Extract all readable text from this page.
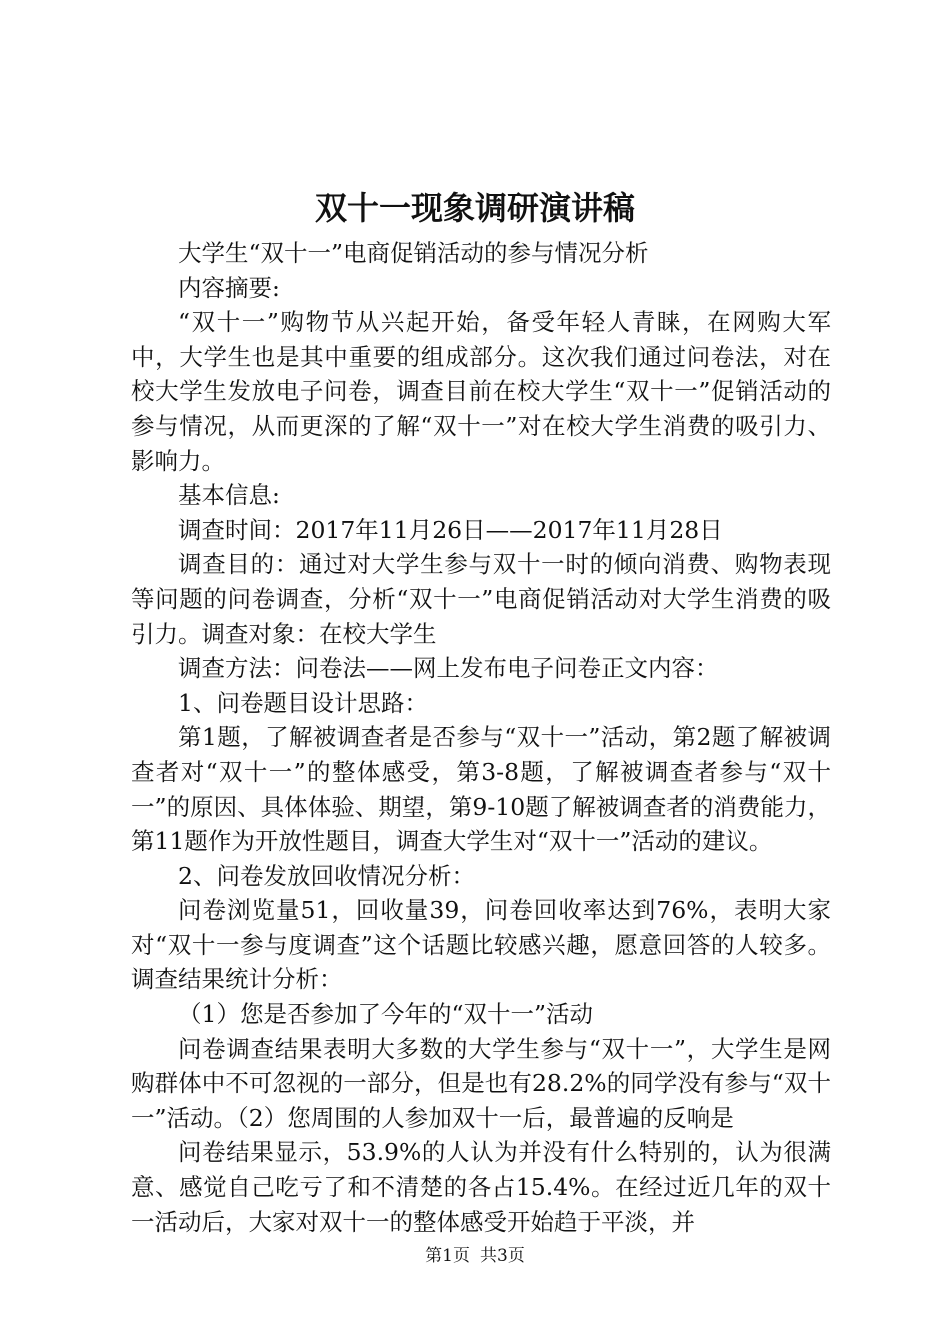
双十一现象调研演讲稿

大学生“双十一”电商促销活动的参与情况分析

内容摘要:

“双十一”购物节从兴起开始，备受年轻人青睐，在网购大军中，大学生也是其中重要的组成部分。这次我们通过问卷法，对在校大学生发放电子问卷，调查目前在校大学生“双十一”促销活动的参与情况，从而更深的了解“双十一”对在校大学生消费的吸引力、影响力。

基本信息:

调查时间：2017年11月26日——2017年11月28日

调查目的：通过对大学生参与双十一时的倾向消费、购物表现等问题的问卷调查，分析“双十一”电商促销活动对大学生消费的吸引力。调查对象：在校大学生

调查方法：问卷法——网上发布电子问卷正文内容：

1、问卷题目设计思路：

第1题，了解被调查者是否参与“双十一”活动，第2题了解被调查者对“双十一”的整体感受，第3-8题，了解被调查者参与“双十一”的原因、具体体验、期望，第9-10题了解被调查者的消费能力，第11题作为开放性题目，调查大学生对“双十一”活动的建议。

2、问卷发放回收情况分析：

问卷浏览量51，回收量39，问卷回收率达到76%，表明大家对“双十一参与度调查”这个话题比较感兴趣，愿意回答的人较多。调查结果统计分析：

（1）您是否参加了今年的“双十一”活动

问卷调查结果表明大多数的大学生参与“双十一”，大学生是网购群体中不可忽视的一部分，但是也有28.2%的同学没有参与“双十一”活动。（2）您周围的人参加双十一后，最普遍的反响是

问卷结果显示，53.9%的人认为并没有什么特别的，认为很满意、感觉自己吃亏了和不清楚的各占15.4%。在经过近几年的双十一活动后，大家对双十一的整体感受开始趋于平淡，并

第1页 共3页
